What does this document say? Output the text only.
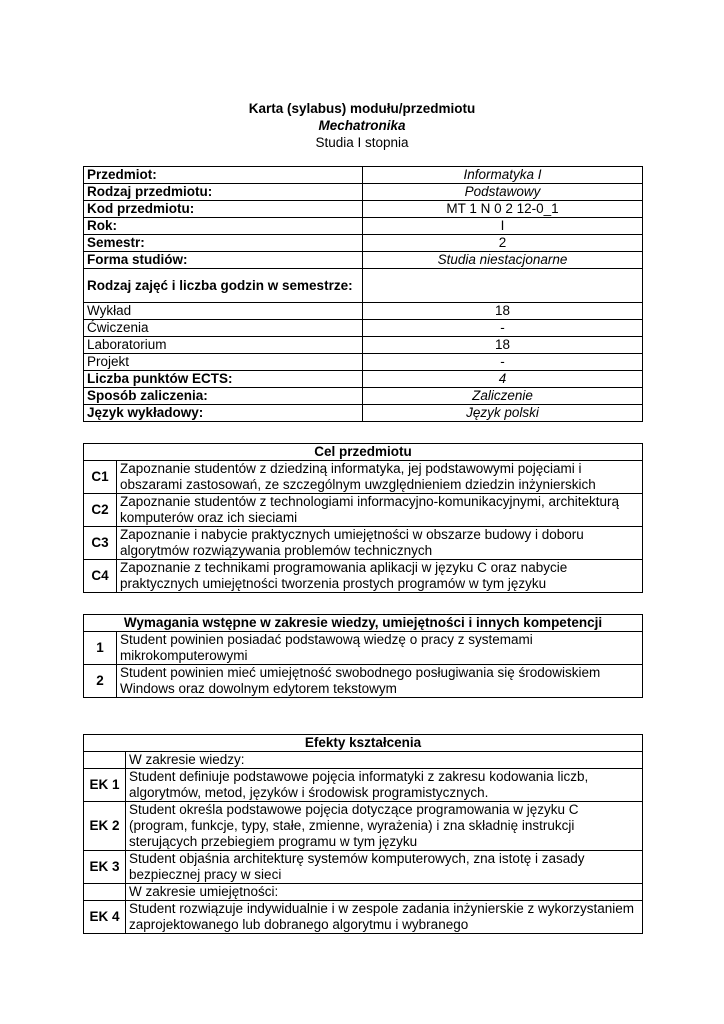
Karta (sylabus) modułu/przedmiotu
Mechatronika
Studia I stopnia
Przedmiot:	Informatyka I
Rodzaj przedmiotu:	Podstawowy
Kod przedmiotu:	MT 1 N 0 2 12-0_1
Rok:	I
Semestr:	2
Forma studiów:	Studia niestacjonarne
Rodzaj zajęć i liczba godzin w semestrze:	
Wykład	18
Ćwiczenia	-
Laboratorium	18
Projekt	-
Liczba punktów ECTS:	4
Sposób zaliczenia:	Zaliczenie
Język wykładowy:	Język polski
Cel przedmiotu	
C1	Zapoznanie studentów z dziedziną informatyka, jej podstawowymi pojęciami i obszarami zastosowań, ze szczególnym uwzględnieniem dziedzin inżynierskich
C2	Zapoznanie studentów z technologiami informacyjno-komunikacyjnymi, architekturą komputerów oraz ich sieciami
C3	Zapoznanie i nabycie praktycznych umiejętności w obszarze budowy i doboru algorytmów rozwiązywania problemów technicznych
C4	Zapoznanie z technikami programowania aplikacji w języku C oraz nabycie praktycznych umiejętności tworzenia prostych programów w tym języku
Wymagania wstępne w zakresie wiedzy, umiejętności i innych kompetencji	
1	Student powinien posiadać podstawową wiedzę o pracy z systemami mikrokomputerowymi
2	Student powinien mieć umiejętność swobodnego posługiwania się środowiskiem Windows oraz dowolnym edytorem tekstowym
Efekty kształcenia	
	W zakresie wiedzy:
EK 1	Student definiuje podstawowe pojęcia informatyki z zakresu kodowania liczb, algorytmów, metod, języków i środowisk programistycznych.
EK 2	Student określa podstawowe pojęcia dotyczące programowania w języku C (program, funkcje, typy, stałe, zmienne, wyrażenia) i zna składnię instrukcji sterujących przebiegiem programu w tym języku
EK 3	Student objaśnia architekturę systemów komputerowych, zna istotę i zasady bezpiecznej pracy w sieci
	W zakresie umiejętności:
EK 4	Student rozwiązuje indywidualnie i w zespole zadania inżynierskie z wykorzystaniem zaprojektowanego lub dobranego algorytmu i wybranego
